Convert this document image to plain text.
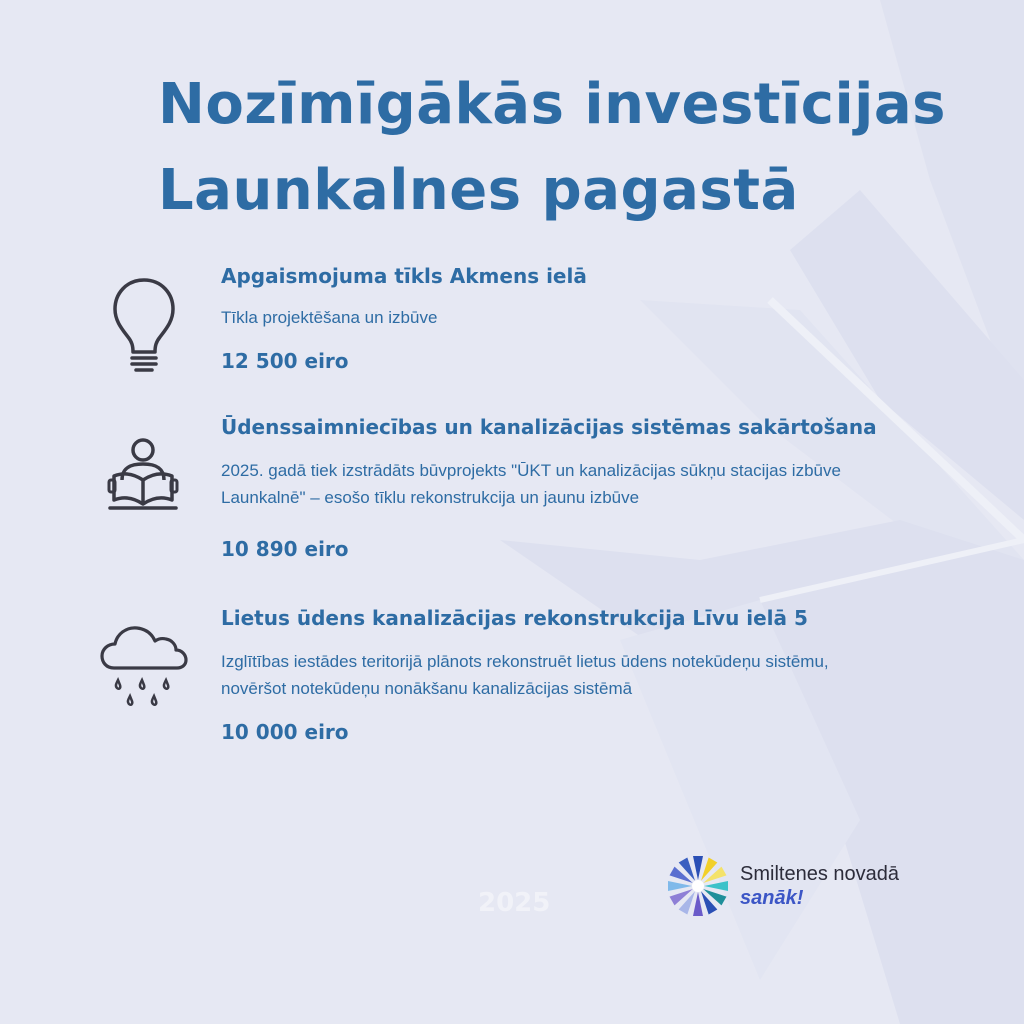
Nozīmīgākās investīcijas
Launkalnes pagastā

Apgaismojuma tīkls Akmens ielā

Tīkla projektēšana un izbūve

12 500 eiro

Ūdenssaimniecības un kanalizācijas sistēmas sakārtošana

2025. gadā tiek izstrādāts būvprojekts "ŪKT un kanalizācijas sūkņu stacijas izbūve Launkalnē" – esošo tīklu rekonstrukcija un jaunu izbūve

10 890 eiro

Lietus ūdens kanalizācijas rekonstrukcija Līvu ielā 5

Izglītības iestādes teritorijā plānots rekonstruēt lietus ūdens notekūdeņu sistēmu, novēršot notekūdeņu nonākšanu kanalizācijas sistēmā

10 000 eiro

2025
Smiltenes novadā
sanāk!
